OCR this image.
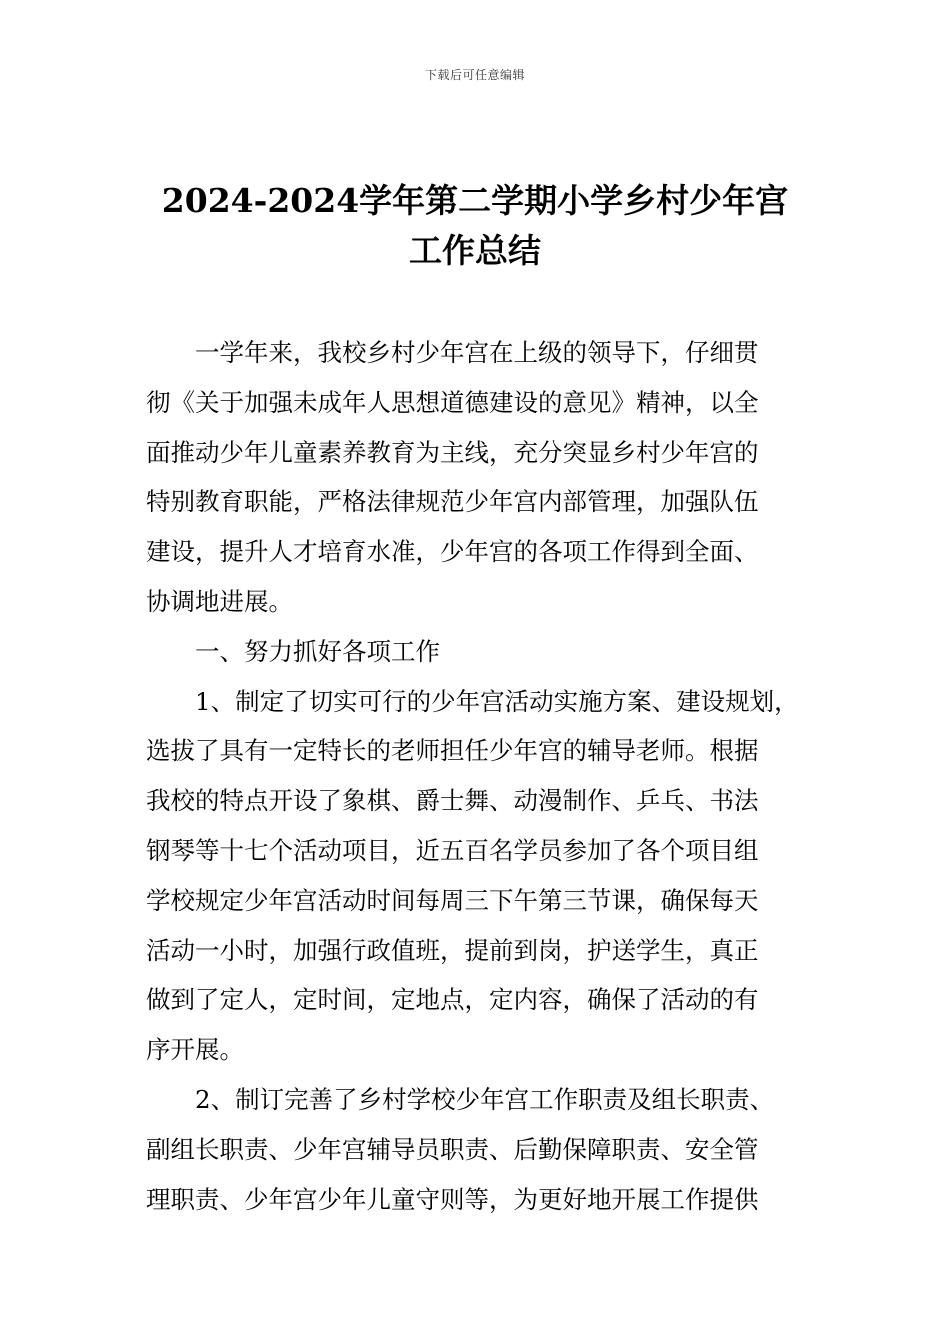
下载后可任意编辑
2024-2024学年第二学期小学乡村少年宫
工作总结
一学年来，我校乡村少年宫在上级的领导下，仔细贯
彻《关于加强未成年人思想道德建设的意见》精神，以全
面推动少年儿童素养教育为主线，充分突显乡村少年宫的
特别教育职能，严格法律规范少年宫内部管理，加强队伍
建设，提升人才培育水准，少年宫的各项工作得到全面、
协调地进展。
一、努力抓好各项工作
1、制定了切实可行的少年宫活动实施方案、建设规划，
选拔了具有一定特长的老师担任少年宫的辅导老师。根据
我校的特点开设了象棋、爵士舞、动漫制作、乒乓、书法
钢琴等十七个活动项目，近五百名学员参加了各个项目组
学校规定少年宫活动时间每周三下午第三节课，确保每天
活动一小时，加强行政值班，提前到岗，护送学生，真正
做到了定人，定时间，定地点，定内容，确保了活动的有
序开展。
2、制订完善了乡村学校少年宫工作职责及组长职责、
副组长职责、少年宫辅导员职责、后勤保障职责、安全管
理职责、少年宫少年儿童守则等，为更好地开展工作提供
